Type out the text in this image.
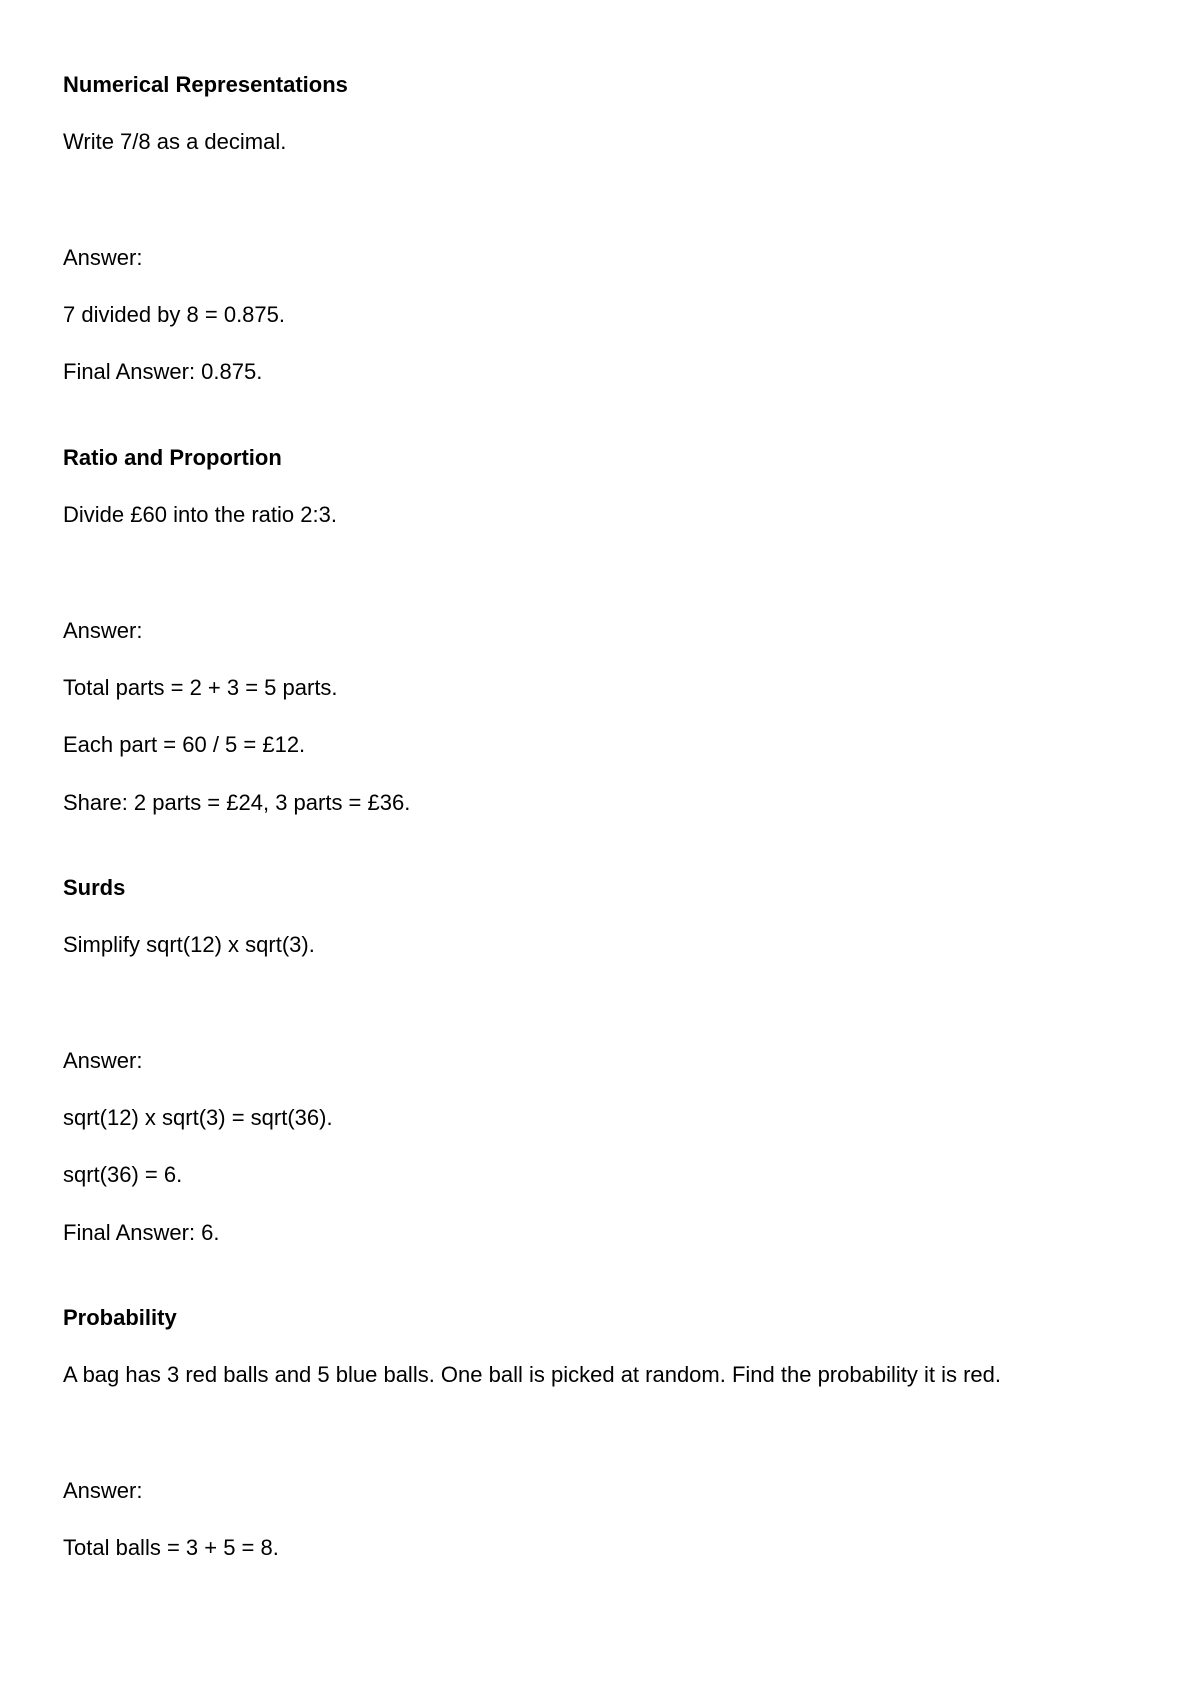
Numerical Representations

Write 7/8 as a decimal.

Answer:

7 divided by 8 = 0.875.

Final Answer: 0.875.

Ratio and Proportion

Divide £60 into the ratio 2:3.

Answer:

Total parts = 2 + 3 = 5 parts.

Each part = 60 / 5 = £12.

Share: 2 parts = £24, 3 parts = £36.

Surds

Simplify sqrt(12) x sqrt(3).

Answer:

sqrt(12) x sqrt(3) = sqrt(36).

sqrt(36) = 6.

Final Answer: 6.

Probability

A bag has 3 red balls and 5 blue balls. One ball is picked at random. Find the probability it is red.

Answer:

Total balls = 3 + 5 = 8.
